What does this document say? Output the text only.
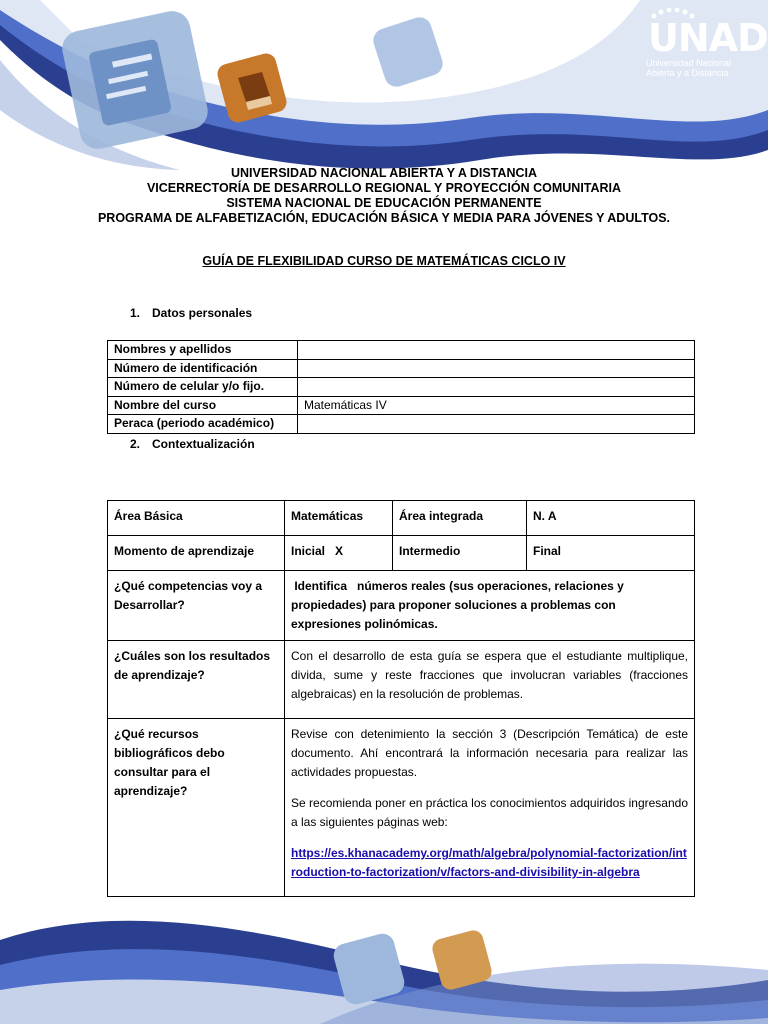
UNAD
Universidad Nacional
Abierta y a Distancia
UNIVERSIDAD NACIONAL ABIERTA Y A DISTANCIA
VICERRECTORÍA DE DESARROLLO REGIONAL Y PROYECCIÓN COMUNITARIA
SISTEMA NACIONAL DE EDUCACIÓN PERMANENTE
PROGRAMA DE ALFABETIZACIÓN, EDUCACIÓN BÁSICA Y MEDIA PARA JÓVENES Y ADULTOS.
GUÍA DE FLEXIBILIDAD CURSO DE MATEMÁTICAS CICLO IV
1. Datos personales
Nombres y apellidos	
Número de identificación	
Número de celular y/o fijo.	
Nombre del curso	Matemáticas IV
Peraca (periodo académico)	
2. Contextualización
Área Básica	Matemáticas	Área integrada	N. A
Momento de aprendizaje	Inicial   X	Intermedio	Final
¿Qué competencias voy a Desarrollar?	Identifica   números reales (sus operaciones, relaciones y propiedades) para proponer soluciones a problemas con expresiones polinómicas.		
¿Cuáles son los resultados de aprendizaje?	Con el desarrollo de esta guía se espera que el estudiante multiplique, divida, sume y reste fracciones que involucran variables (fracciones algebraicas) en la resolución de problemas.		
¿Qué recursos bibliográficos debo consultar para el aprendizaje?	Revise con detenimiento la sección 3 (Descripción Temática) de este documento. Ahí encontrará la información necesaria para realizar las actividades propuestas.

Se recomienda poner en práctica los conocimientos adquiridos ingresando a las siguientes páginas web:

https://es.khanacademy.org/math/algebra/polynomial-factorization/introduction-to-factorization/v/factors-and-divisibility-in-algebra		
